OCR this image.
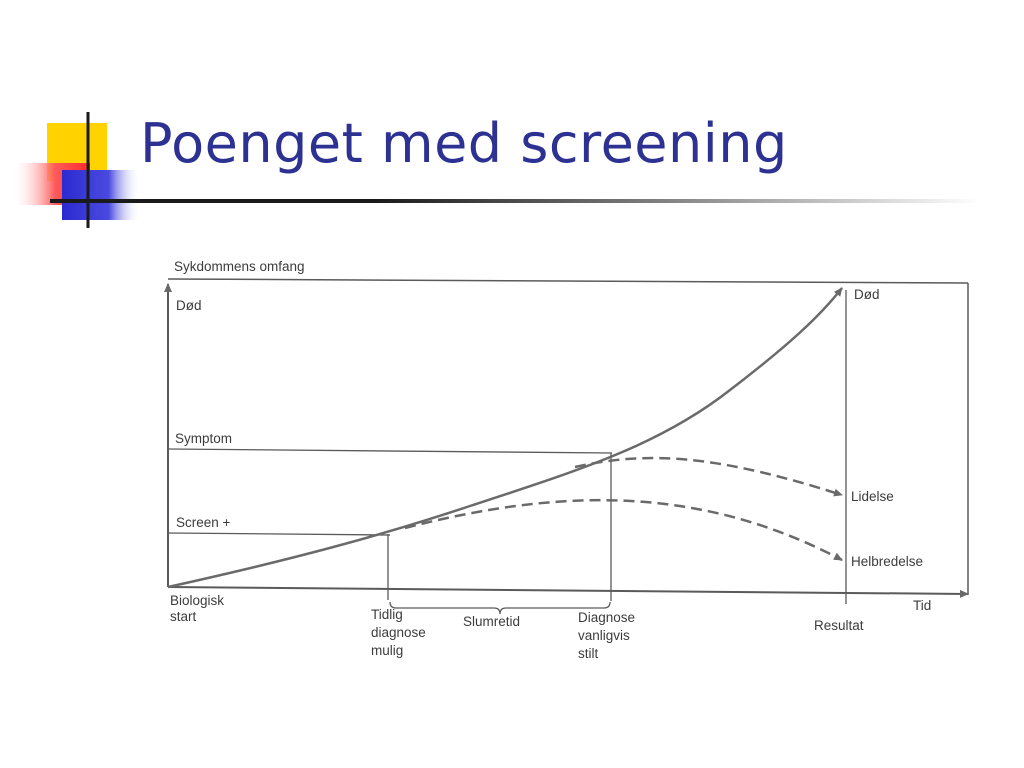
Poenget med screening
Sykdommens omfang
Død
Symptom
Screen +
Biologisk
start	Tidlig
diagnose
mulig
Slumretid	Diagnose
vanligvis
stilt
Resultat
Tid
Død
Lidelse
Helbredelse
